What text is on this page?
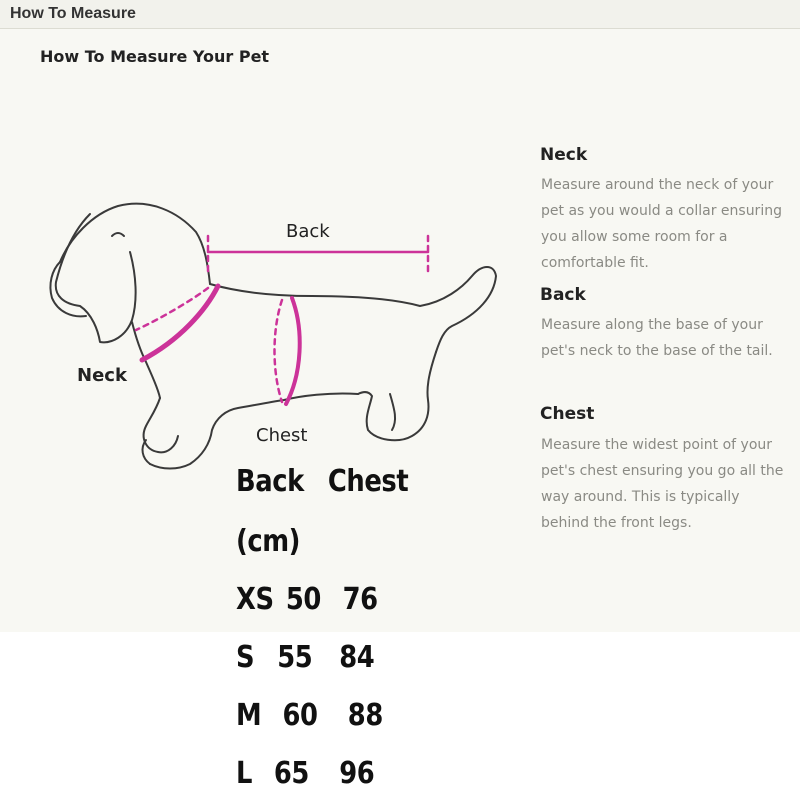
How To Measure
How To Measure Your Pet
Back
Neck
Chest
Neck
Measure around the neck of your pet as you would a collar ensuring you allow some room for a comfortable fit.
Back
Measure along the base of your pet's neck to the base of the tail.
Chest
Measure the widest point of your pet's chest ensuring you go all the way around. This is typically behind the front legs.
Back Chest
(cm)
XS 50 76
S 55 84
M 60 88
L 65 96
